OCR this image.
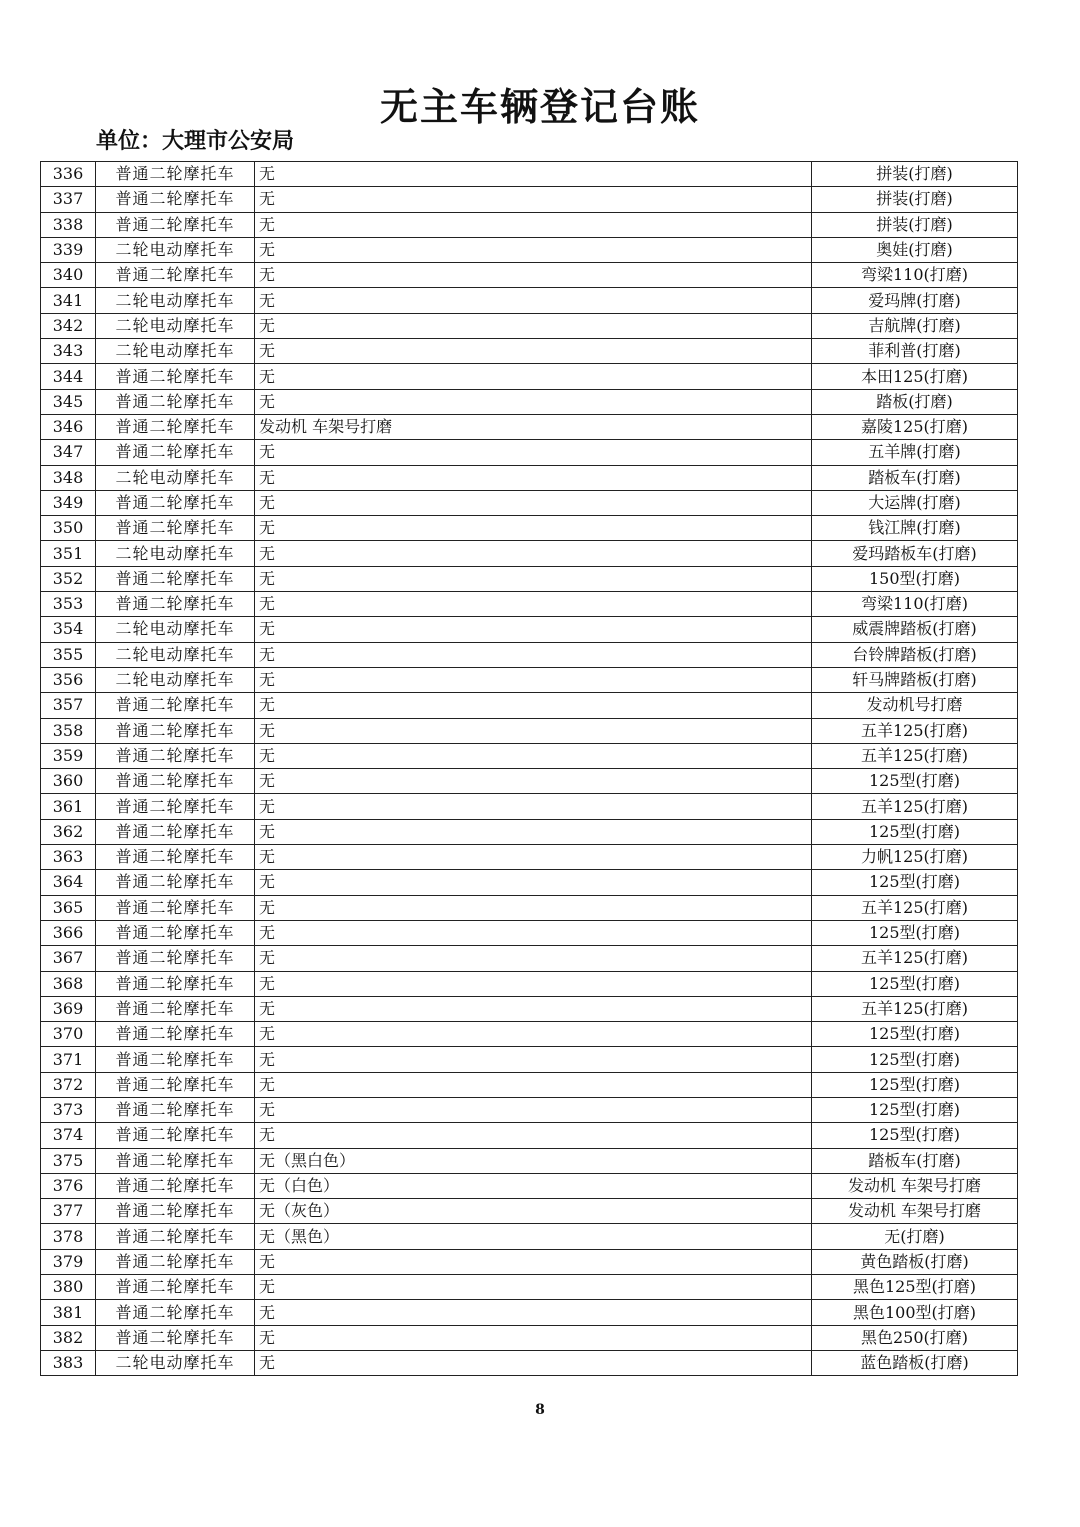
无主车辆登记台账
单位：大理市公安局
336	普通二轮摩托车	无	拼装(打磨)
337	普通二轮摩托车	无	拼装(打磨)
338	普通二轮摩托车	无	拼装(打磨)
339	二轮电动摩托车	无	奥娃(打磨)
340	普通二轮摩托车	无	弯梁110(打磨)
341	二轮电动摩托车	无	爱玛牌(打磨)
342	二轮电动摩托车	无	吉航牌(打磨)
343	二轮电动摩托车	无	菲利普(打磨)
344	普通二轮摩托车	无	本田125(打磨)
345	普通二轮摩托车	无	踏板(打磨)
346	普通二轮摩托车	发动机 车架号打磨	嘉陵125(打磨)
347	普通二轮摩托车	无	五羊牌(打磨)
348	二轮电动摩托车	无	踏板车(打磨)
349	普通二轮摩托车	无	大运牌(打磨)
350	普通二轮摩托车	无	钱江牌(打磨)
351	二轮电动摩托车	无	爱玛踏板车(打磨)
352	普通二轮摩托车	无	150型(打磨)
353	普通二轮摩托车	无	弯梁110(打磨)
354	二轮电动摩托车	无	威震牌踏板(打磨)
355	二轮电动摩托车	无	台铃牌踏板(打磨)
356	二轮电动摩托车	无	轩马牌踏板(打磨)
357	普通二轮摩托车	无	发动机号打磨
358	普通二轮摩托车	无	五羊125(打磨)
359	普通二轮摩托车	无	五羊125(打磨)
360	普通二轮摩托车	无	125型(打磨)
361	普通二轮摩托车	无	五羊125(打磨)
362	普通二轮摩托车	无	125型(打磨)
363	普通二轮摩托车	无	力帆125(打磨)
364	普通二轮摩托车	无	125型(打磨)
365	普通二轮摩托车	无	五羊125(打磨)
366	普通二轮摩托车	无	125型(打磨)
367	普通二轮摩托车	无	五羊125(打磨)
368	普通二轮摩托车	无	125型(打磨)
369	普通二轮摩托车	无	五羊125(打磨)
370	普通二轮摩托车	无	125型(打磨)
371	普通二轮摩托车	无	125型(打磨)
372	普通二轮摩托车	无	125型(打磨)
373	普通二轮摩托车	无	125型(打磨)
374	普通二轮摩托车	无	125型(打磨)
375	普通二轮摩托车	无（黑白色）	踏板车(打磨)
376	普通二轮摩托车	无（白色）	发动机 车架号打磨
377	普通二轮摩托车	无（灰色）	发动机 车架号打磨
378	普通二轮摩托车	无（黑色）	无(打磨)
379	普通二轮摩托车	无	黄色踏板(打磨)
380	普通二轮摩托车	无	黑色125型(打磨)
381	普通二轮摩托车	无	黑色100型(打磨)
382	普通二轮摩托车	无	黑色250(打磨)
383	二轮电动摩托车	无	蓝色踏板(打磨)
8
